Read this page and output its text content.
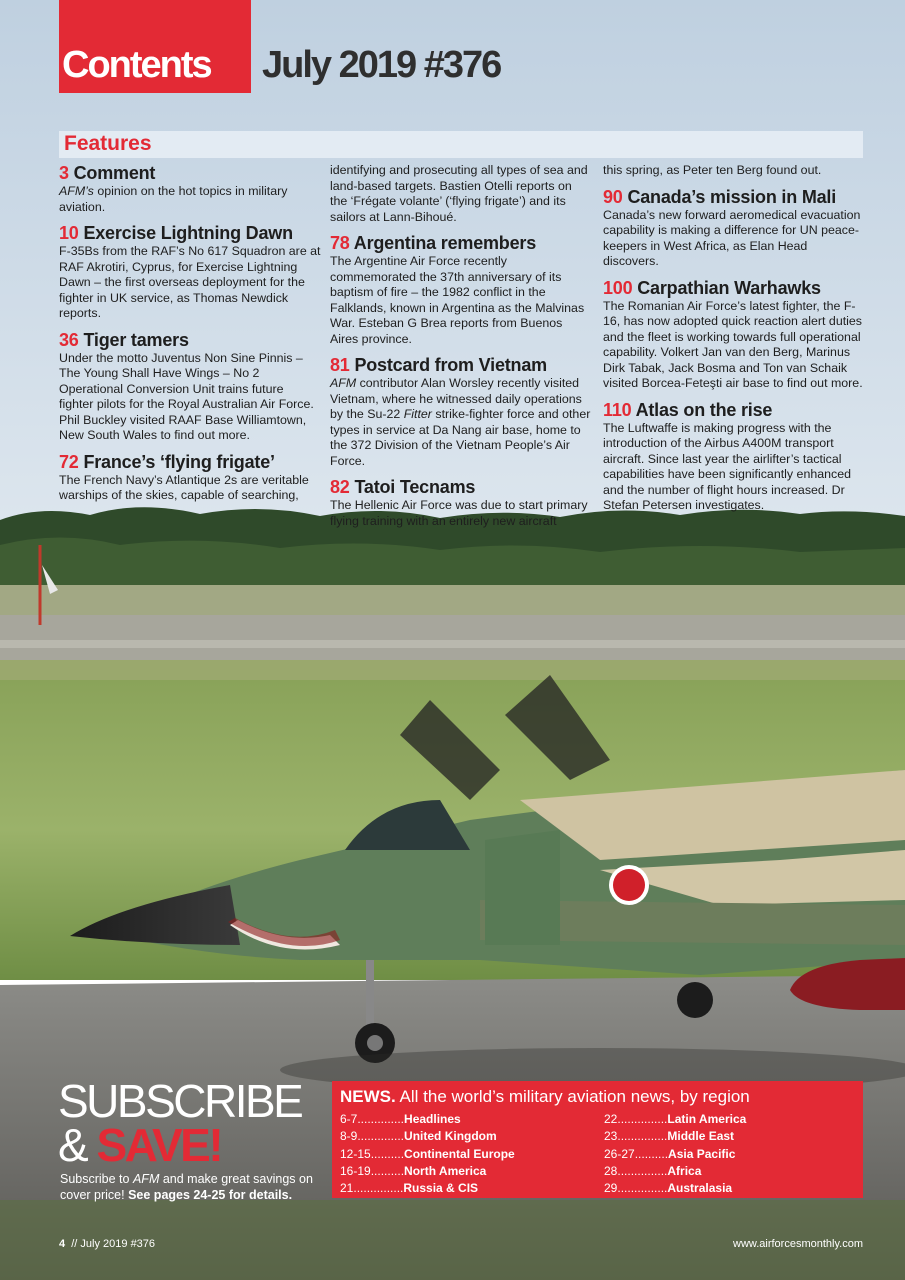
Contents July 2019 #376
Features
3 Comment

AFM’s opinion on the hot topics in military aviation.

10 Exercise Lightning Dawn

F-35Bs from the RAF’s No 617 Squadron are at RAF Akrotiri, Cyprus, for Exercise Lightning Dawn – the first overseas deployment for the fighter in UK service, as Thomas Newdick reports.

36 Tiger tamers

Under the motto Juventus Non Sine Pinnis – The Young Shall Have Wings – No 2 Operational Conversion Unit trains future fighter pilots for the Royal Australian Air Force. Phil Buckley visited RAAF Base Williamtown, New South Wales to find out more.

72 France’s ‘flying frigate’

The French Navy’s Atlantique 2s are veritable warships of the skies, capable of searching,

identifying and prosecuting all types of sea and land-based targets. Bastien Otelli reports on the ‘Frégate volante’ (‘flying frigate’) and its sailors at Lann-Bihoué.

78 Argentina remembers

The Argentine Air Force recently commemorated the 37th anniversary of its baptism of fire – the 1982 conflict in the Falklands, known in Argentina as the Malvinas War. Esteban G Brea reports from Buenos Aires province.

81 Postcard from Vietnam

AFM contributor Alan Worsley recently visited Vietnam, where he witnessed daily operations by the Su-22 Fitter strike-fighter force and other types in service at Da Nang air base, home to the 372 Division of the Vietnam People’s Air Force.

82 Tatoi Tecnams

The Hellenic Air Force was due to start primary flying training with an entirely new aircraft

this spring, as Peter ten Berg found out.

90 Canada’s mission in Mali

Canada’s new forward aeromedical evacuation capability is making a difference for UN peace-keepers in West Africa, as Elan Head discovers.

100 Carpathian Warhawks

The Romanian Air Force’s latest fighter, the F-16, has now adopted quick reaction alert duties and the fleet is working towards full operational capability. Volkert Jan van den Berg, Marinus Dirk Tabak, Jack Bosma and Ton van Schaik visited Borcea-Feteşti air base to find out more.

110 Atlas on the rise

The Luftwaffe is making progress with the introduction of the Airbus A400M transport aircraft. Since last year the airlifter’s tactical capabilities have been significantly enhanced and the number of flight hours increased. Dr Stefan Petersen investigates.

SUBSCRIBE
& SAVE!
Subscribe to AFM and make great savings on cover price! See pages 24-25 for details.
NEWS. All the world’s military aviation news, by region
6-7 .............. Headlines
8-9 .............. United Kingdom
12-15 .......... Continental Europe
16-19 .......... North America
21 ............... Russia & CIS
22 ............... Latin America
23 ............... Middle East
26-27 .......... Asia Pacific
28 ............... Africa
29 ............... Australasia
4 // July 2019 #376	www.airforcesmonthly.com
